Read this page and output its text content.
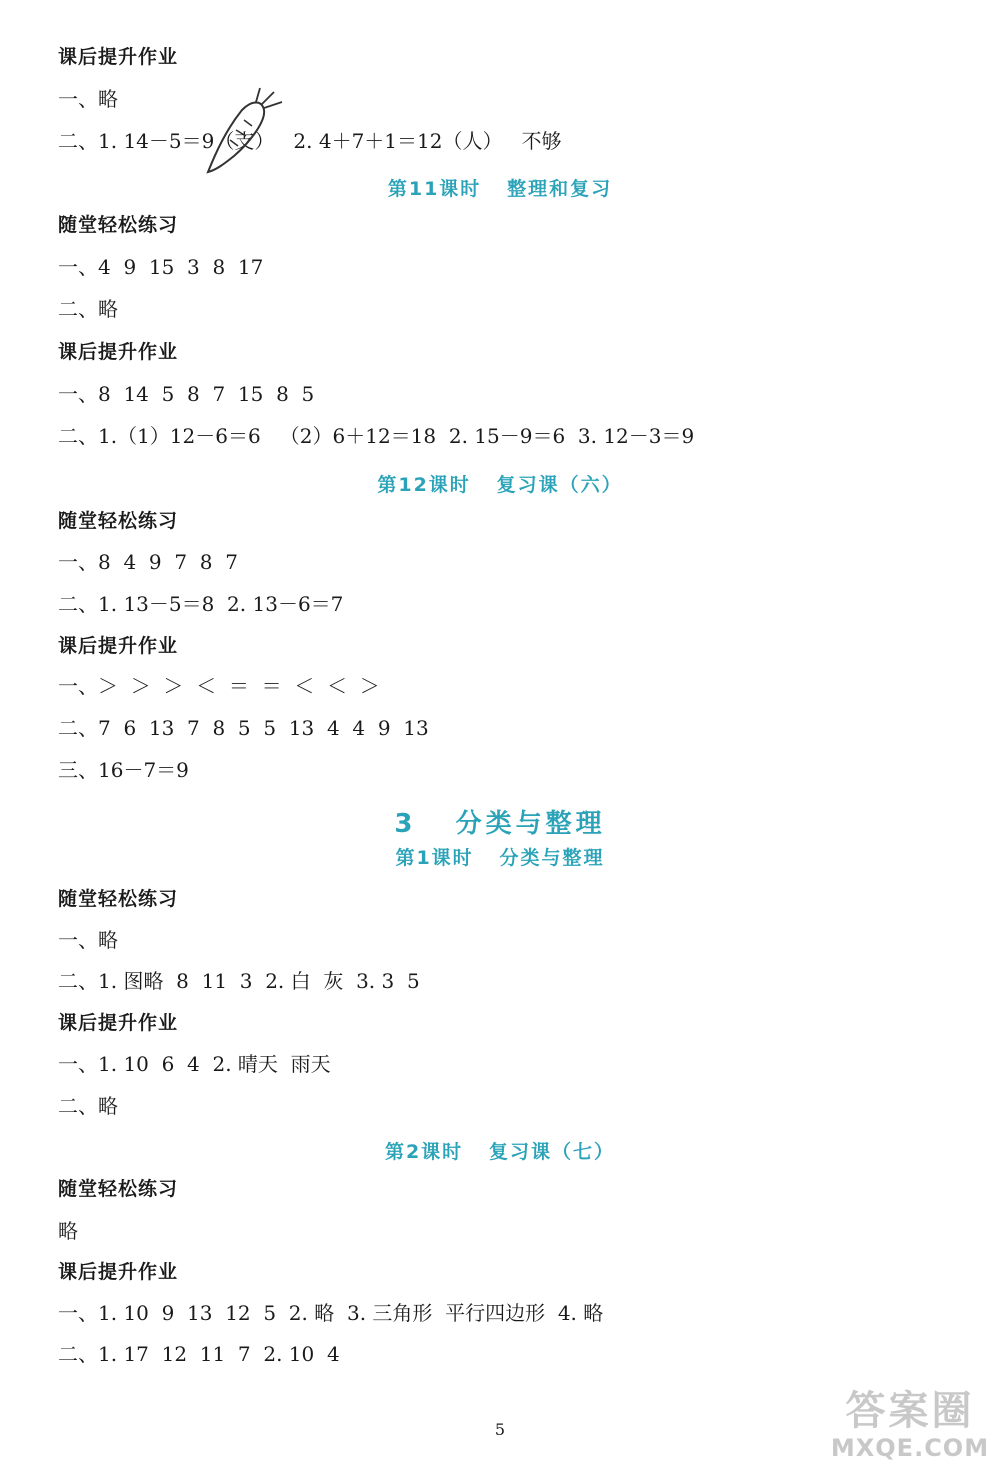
课后提升作业
一、略
二、1. 14－5＝9（支）   2. 4＋7＋1＝12（人）   不够
随堂轻松练习
一、4  9  15  3  8  17
二、略
课后提升作业
一、8  14  5  8  7  15  8  5
二、1.（1）12－6＝6   （2）6＋12＝18  2. 15－9＝6  3. 12－3＝9
随堂轻松练习
一、8  4  9  7  8  7
二、1. 13－5＝8  2. 13－6＝7
课后提升作业
一、＞  ＞  ＞  ＜  ＝  ＝  ＜  ＜  ＞
二、7  6  13  7  8  5  5  13  4  4  9  13
三、16－7＝9
随堂轻松练习
一、略
二、1. 图略  8  11  3  2. 白  灰  3. 3  5
课后提升作业
一、1. 10  6  4  2. 晴天  雨天
二、略
随堂轻松练习
略
课后提升作业
一、1. 10  9  13  12  5  2. 略  3. 三角形  平行四边形  4. 略
二、1. 17  12  11  7  2. 10  4
第11课时   整理和复习
第12课时   复习课（六）
3   分类与整理
第1课时   分类与整理
第2课时   复习课（七）
5	答案圈
MXQE.COM
